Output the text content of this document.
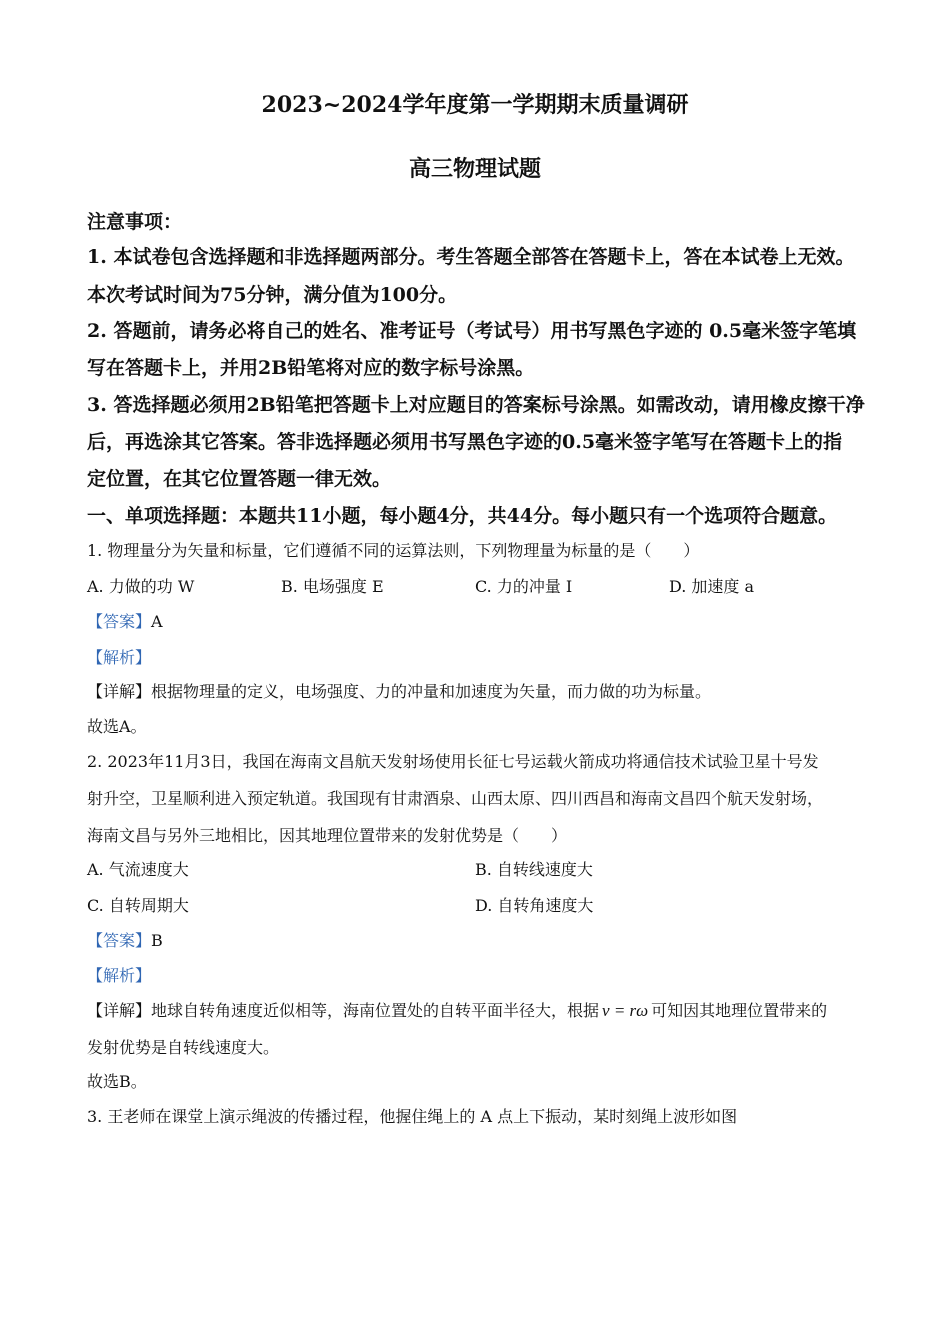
2023~2024学年度第一学期期末质量调研
高三物理试题
注意事项：
1. 本试卷包含选择题和非选择题两部分。考生答题全部答在答题卡上，答在本试卷上无效。
本次考试时间为75分钟，满分值为100分。
2. 答题前，请务必将自己的姓名、准考证号（考试号）用书写黑色字迹的 0.5毫米签字笔填
写在答题卡上，并用2B铅笔将对应的数字标号涂黑。
3. 答选择题必须用2B铅笔把答题卡上对应题目的答案标号涂黑。如需改动，请用橡皮擦干净
后，再选涂其它答案。答非选择题必须用书写黑色字迹的0.5毫米签字笔写在答题卡上的指
定位置，在其它位置答题一律无效。
一、单项选择题：本题共11小题，每小题4分，共44分。每小题只有一个选项符合题意。
1. 物理量分为矢量和标量，它们遵循不同的运算法则，下列物理量为标量的是（　　）
A. 力做的功 W	B. 电场强度 E	C. 力的冲量 I	D. 加速度 a
【答案】A
【解析】
【详解】根据物理量的定义，电场强度、力的冲量和加速度为矢量，而力做的功为标量。
故选A。
2. 2023年11月3日，我国在海南文昌航天发射场使用长征七号运载火箭成功将通信技术试验卫星十号发
射升空，卫星顺利进入预定轨道。我国现有甘肃酒泉、山西太原、四川西昌和海南文昌四个航天发射场，
海南文昌与另外三地相比，因其地理位置带来的发射优势是（　　）
A. 气流速度大	B. 自转线速度大
C. 自转周期大	D. 自转角速度大
【答案】B
【解析】
【详解】地球自转角速度近似相等，海南位置处的自转平面半径大，根据 v = rω 可知因其地理位置带来的
发射优势是自转线速度大。
故选B。
3. 王老师在课堂上演示绳波的传播过程，他握住绳上的 A 点上下振动，某时刻绳上波形如图
